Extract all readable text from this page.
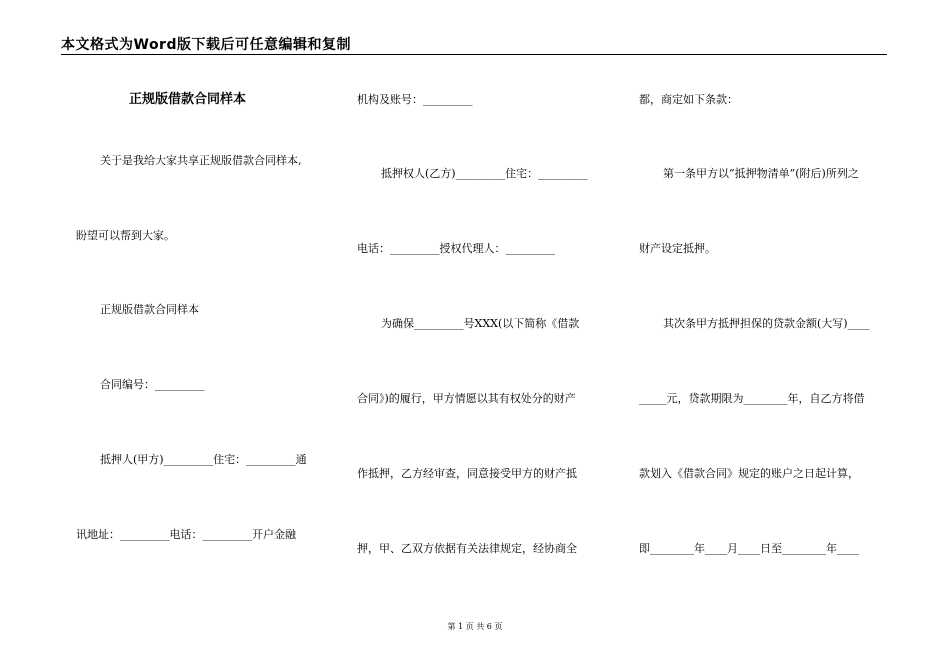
本文格式为Word版下载后可任意编辑和复制
正规版借款合同样本
关于是我给大家共享正规版借款合同样本,
盼望可以帮到大家。
正规版借款合同样本
合同编号：_________
抵押人(甲方)_________住宅：_________通
讯地址：_________电话：_________开户金融
机构及账号：_________
抵押权人(乙方)_________住宅：_________
电话：_________授权代理人：_________
为确保_________号XXX(以下简称《借款
合同》)的履行，甲方情愿以其有权处分的财产
作抵押，乙方经审查，同意接受甲方的财产抵
押，甲、乙双方依据有关法律规定，经协商全
都，商定如下条款：
第一条甲方以“抵押物清单”(附后)所列之
财产设定抵押。
其次条甲方抵押担保的贷款金额(大写)____
_____元，贷款期限为________年，自乙方将借
款划入《借款合同》规定的账户之日起计算，
即________年____月____日至________年____
第 1 页 共 6 页
